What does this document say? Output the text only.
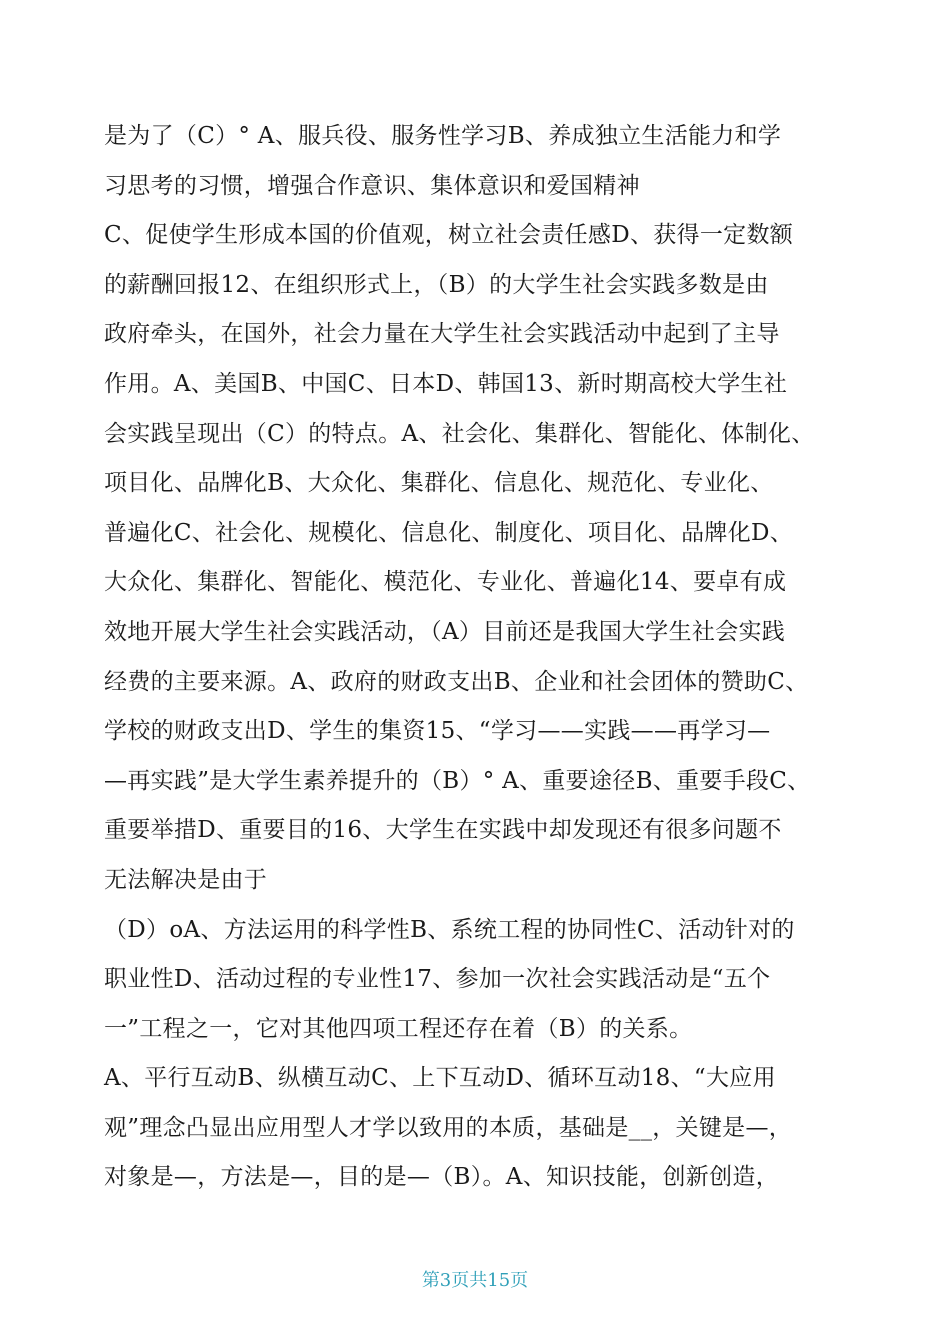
是为了（C）° A、服兵役、服务性学习B、养成独立生活能力和学
习思考的习惯，增强合作意识、集体意识和爱国精神
C、促使学生形成本国的价值观，树立社会责任感D、获得一定数额
的薪酬回报12、在组织形式上，（B）的大学生社会实践多数是由
政府牵头，在国外，社会力量在大学生社会实践活动中起到了主导
作用。A、美国B、中国C、日本D、韩国13、新时期高校大学生社
会实践呈现出（C）的特点。A、社会化、集群化、智能化、体制化、
项目化、品牌化B、大众化、集群化、信息化、规范化、专业化、
普遍化C、社会化、规模化、信息化、制度化、项目化、品牌化D、
大众化、集群化、智能化、模范化、专业化、普遍化14、要卓有成
效地开展大学生社会实践活动，（A）目前还是我国大学生社会实践
经费的主要来源。A、政府的财政支出B、企业和社会团体的赞助C、
学校的财政支出D、学生的集资15、“学习——实践——再学习—
—再实践”是大学生素养提升的（B）° A、重要途径B、重要手段C、
重要举措D、重要目的16、大学生在实践中却发现还有很多问题不
无法解决是由于
（D）oA、方法运用的科学性B、系统工程的协同性C、活动针对的
职业性D、活动过程的专业性17、参加一次社会实践活动是“五个
一”工程之一，它对其他四项工程还存在着（B）的关系。
A、平行互动B、纵横互动C、上下互动D、循环互动18、“大应用
观”理念凸显出应用型人才学以致用的本质，基础是__，关键是—，
对象是—，方法是—，目的是—（B）。A、知识技能，创新创造，
第3页共15页
